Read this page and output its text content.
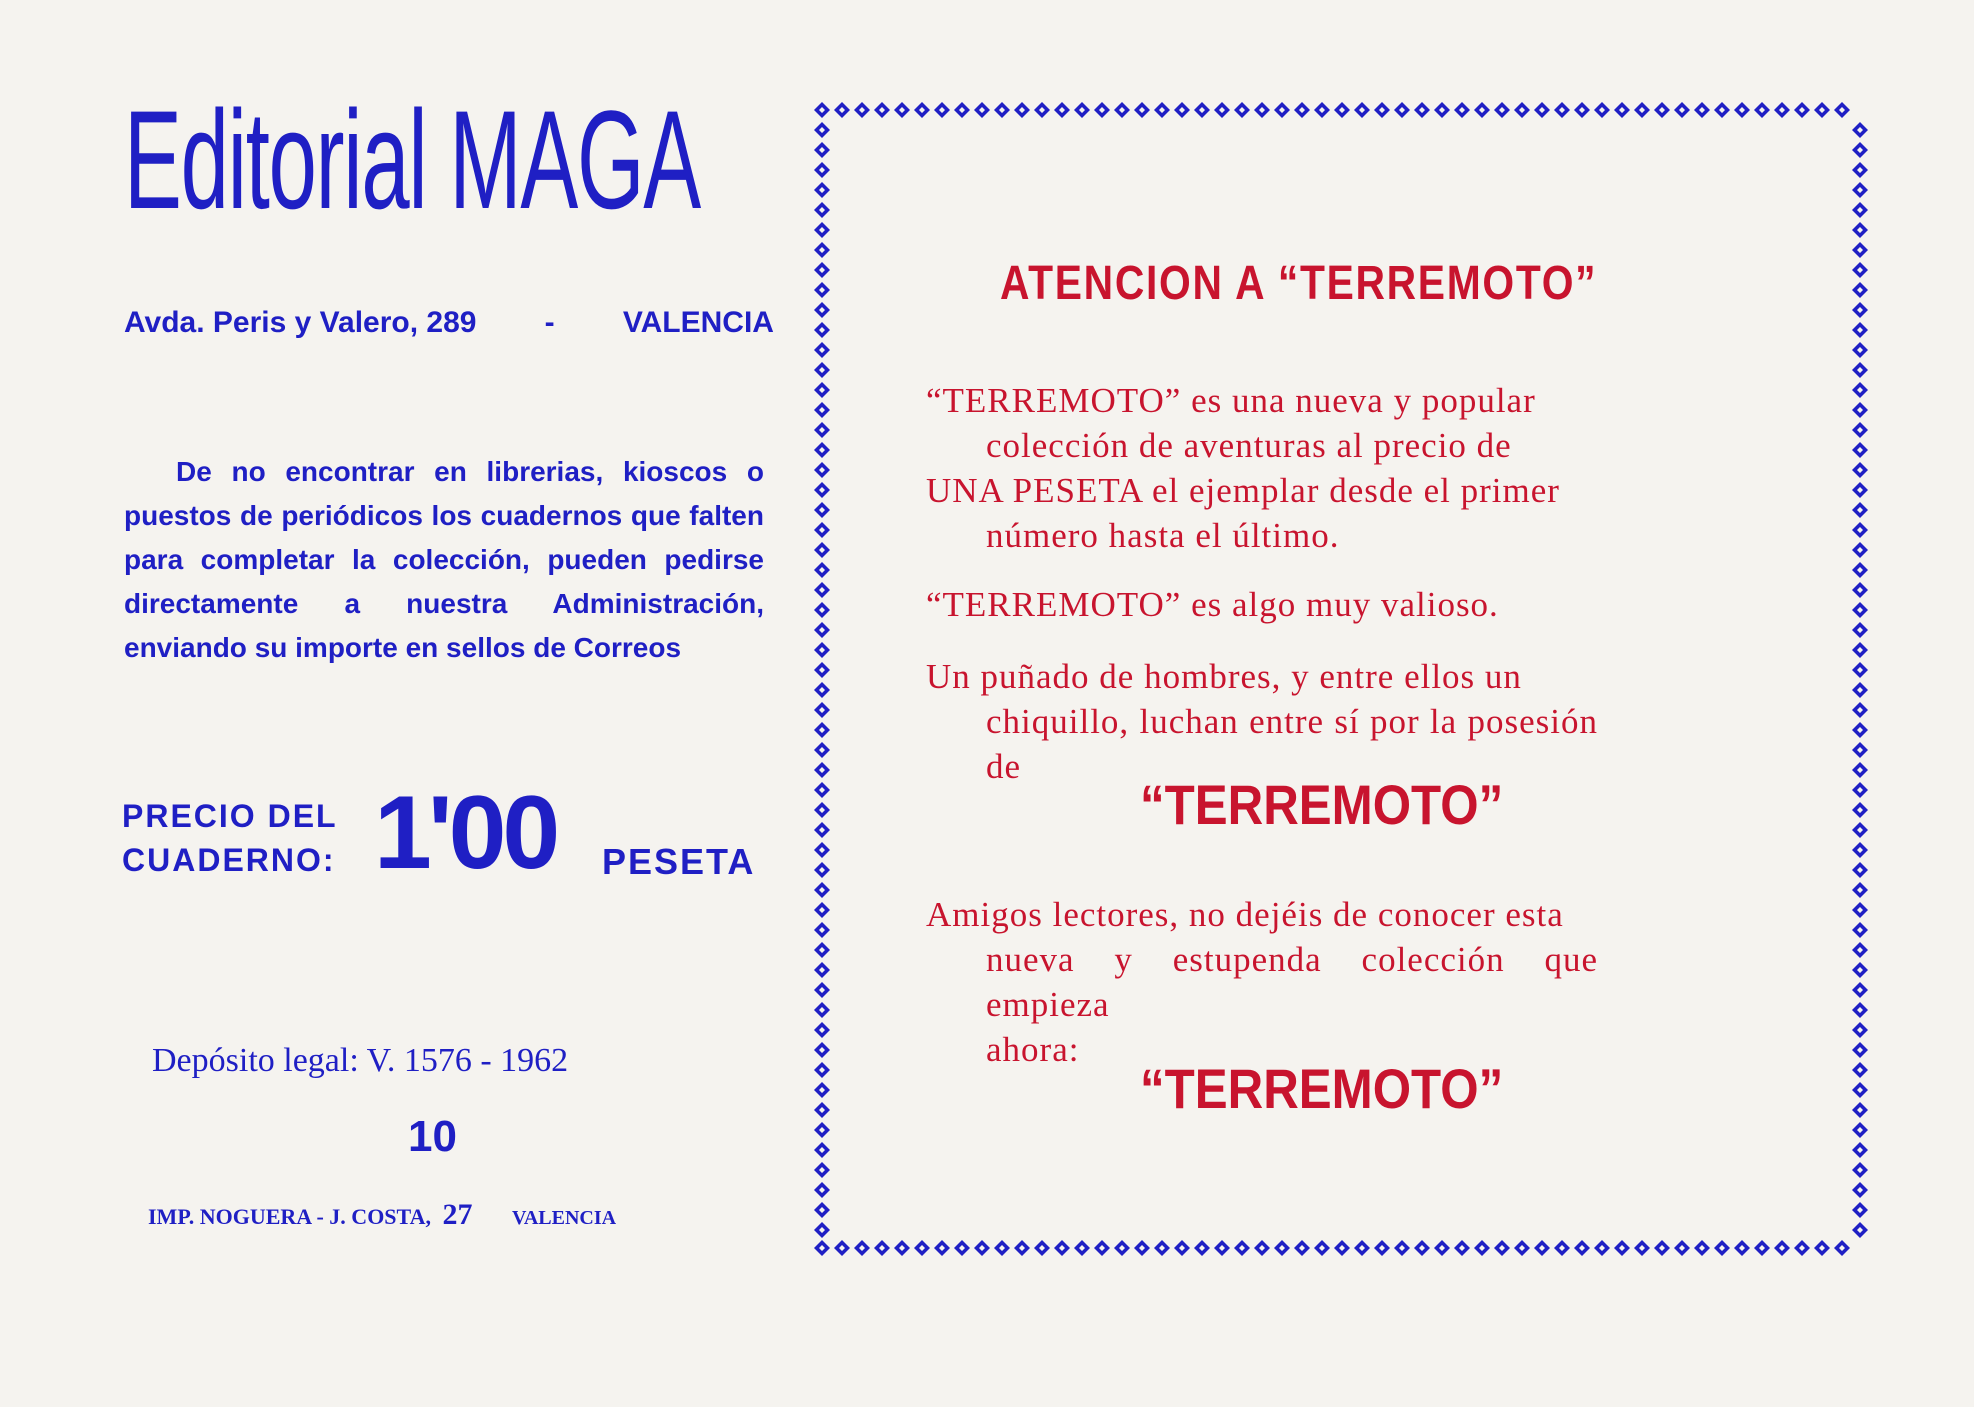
Editorial MAGA
Avda. Peris y Valero, 289 - VALENCIA
De no encontrar en librerias, kioscos o puestos de periódicos los cuadernos que falten para completar la colección, pueden pedirse directamente a nuestra Administración, enviando su importe en sellos de Correos
PRECIO DEL
CUADERNO: 1'00 PESETA
Depósito legal: V. 1576 - 1962
10
IMP. NOGUERA - J. COSTA, 27 VALENCIA
ATENCION A “TERREMOTO”
“TERREMOTO” es una nueva y popular
colección de aventuras al precio de
UNA PESETA el ejemplar desde el primer
número hasta el último.
“TERREMOTO” es algo muy valioso.
Un puñado de hombres, y entre ellos un
chiquillo, luchan entre sí por la posesión de
“TERREMOTO”
Amigos lectores, no dejéis de conocer esta
nueva y estupenda colección que empieza
ahora:
“TERREMOTO”
